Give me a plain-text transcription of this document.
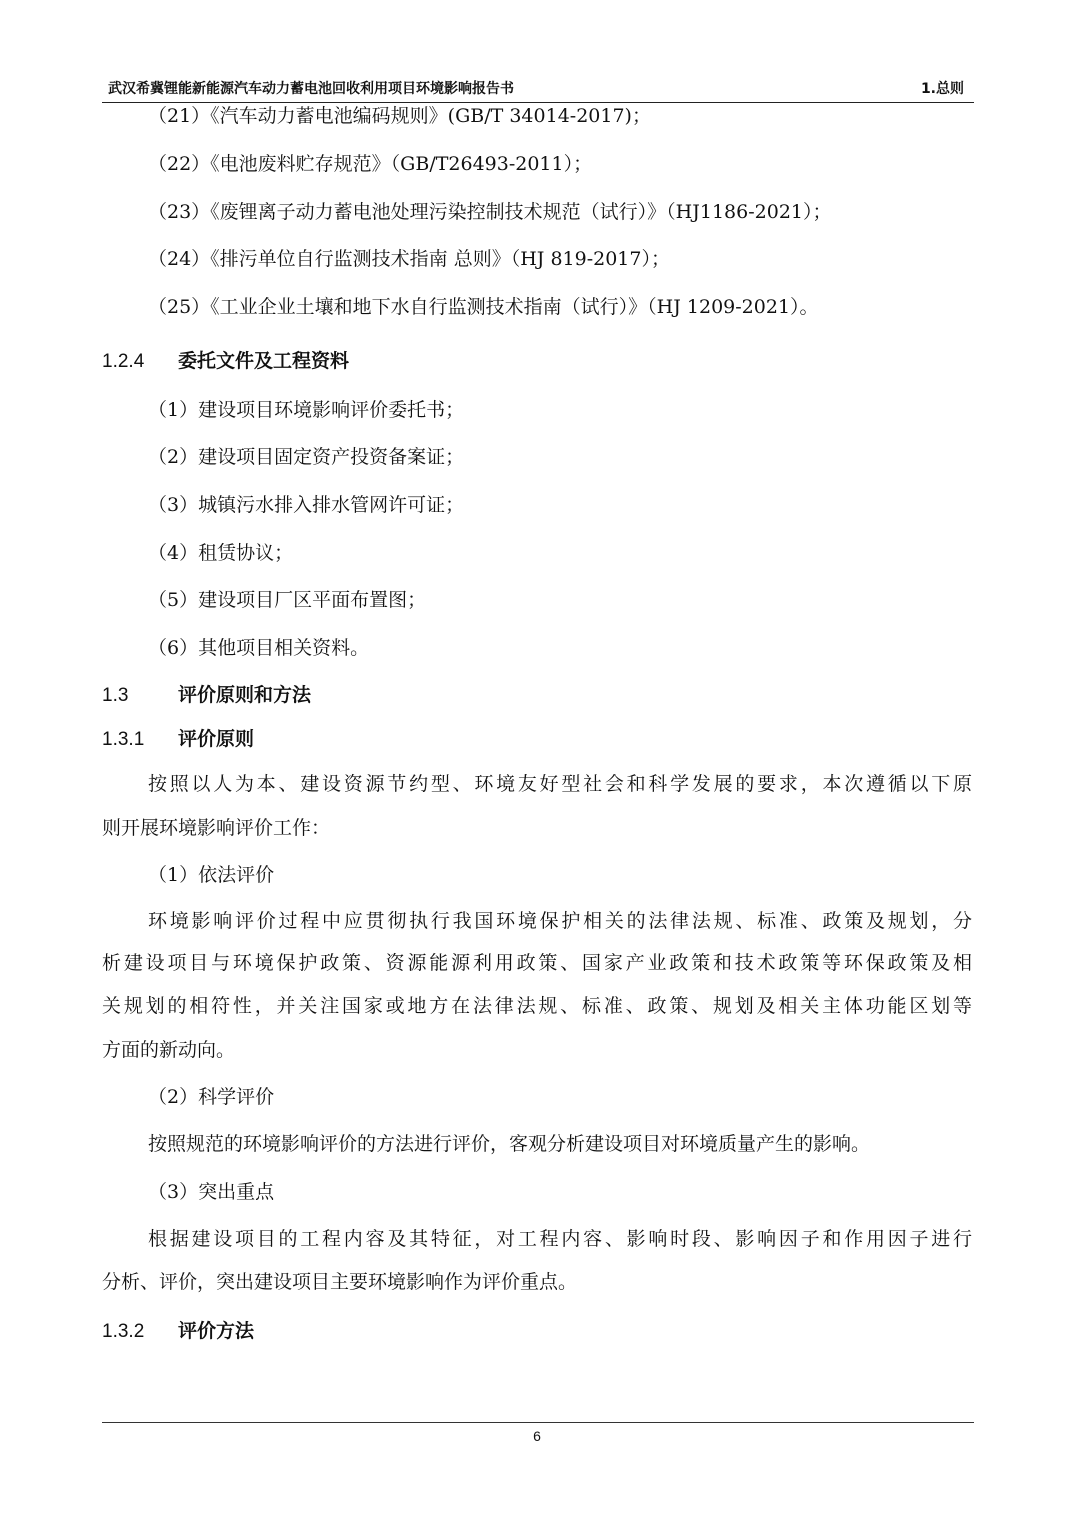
武汉希冀锂能新能源汽车动力蓄电池回收利用项目环境影响报告书	1.总则
（21）《汽车动力蓄电池编码规则》(GB/T 34014-2017)；
（22）《电池废料贮存规范》（GB/T26493-2011）；
（23）《废锂离子动力蓄电池处理污染控制技术规范（试行）》（HJ1186-2021）；
（24）《排污单位自行监测技术指南 总则》（HJ 819-2017）；
（25）《工业企业土壤和地下水自行监测技术指南（试行）》（HJ 1209-2021）。
1.2.4 委托文件及工程资料
（1）建设项目环境影响评价委托书；
（2）建设项目固定资产投资备案证；
（3）城镇污水排入排水管网许可证；
（4）租赁协议；
（5）建设项目厂区平面布置图；
（6）其他项目相关资料。
1.3	评价原则和方法
1.3.1 评价原则
按照以人为本、建设资源节约型、环境友好型社会和科学发展的要求，本次遵循以下原
则开展环境影响评价工作：
（1）依法评价
环境影响评价过程中应贯彻执行我国环境保护相关的法律法规、标准、政策及规划，分
析建设项目与环境保护政策、资源能源利用政策、国家产业政策和技术政策等环保政策及相
关规划的相符性，并关注国家或地方在法律法规、标准、政策、规划及相关主体功能区划等
方面的新动向。
（2）科学评价
按照规范的环境影响评价的方法进行评价，客观分析建设项目对环境质量产生的影响。
（3）突出重点
根据建设项目的工程内容及其特征，对工程内容、影响时段、影响因子和作用因子进行
分析、评价，突出建设项目主要环境影响作为评价重点。
1.3.2 评价方法
6
